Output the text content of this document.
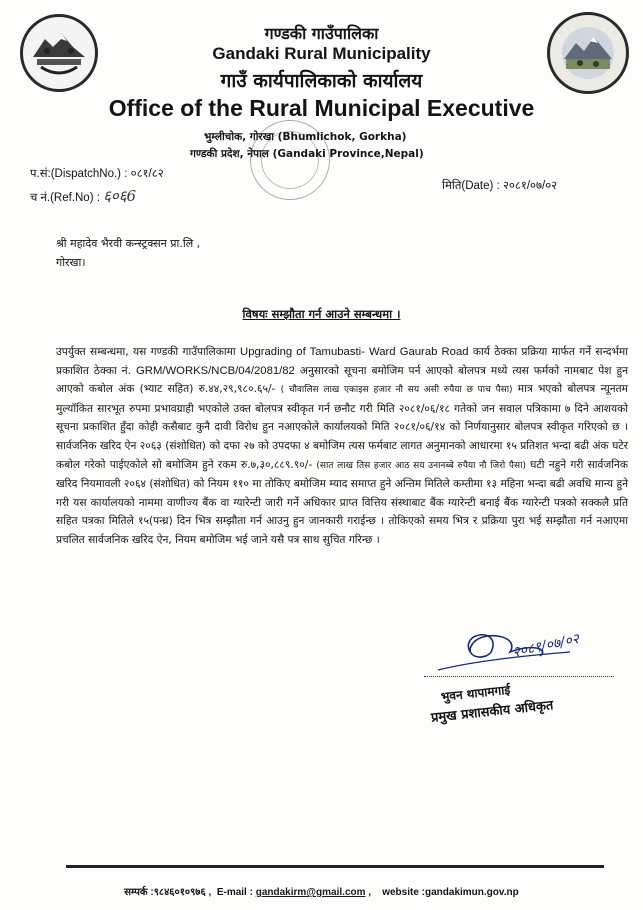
गण्डकी गाउँपालिका
Gandaki Rural Municipality
गाउँ कार्यपालिकाको कार्यालय
Office of the Rural Municipal Executive
भुम्लीचोक, गोरखा (Bhumlichok, Gorkha)
गण्डकी प्रदेश, नेपाल (Gandaki Province,Nepal)
प.सं:(DispatchNo.) : ०८१/८२
च नं.(Ref.No) : ६०६6
मिति(Date) : २०८१/०७/०२
श्री महादेव भैरवी कन्स्ट्रक्सन प्रा.लि ,
गोरखा।
विषयः सम्झौता गर्न आउने सम्बन्धमा ।
उपर्युक्त सम्बन्धमा, यस गण्डकी गाउँपालिकामा Upgrading of Tamubasti- Ward Gaurab Road कार्य ठेक्का प्रक्रिया मार्फत गर्ने सन्दर्भमा प्रकाशित ठेक्का नं. GRM/WORKS/NCB/04/2081/82 अनुसारको सूचना बमोजिम पर्न आएको बोलपत्र मध्ये त्यस फर्मको नामबाट पेश हुन आएको कबोल अंक (भ्याट सहित) रु.४४,२९,९८०.६५/- ( चौवालिस लाख एकाइस हजार नौ सय असी रुपैया छ पाच पैसा) मात्र भएको बोलपत्र न्यूनतम मुल्यॉकित सारभूत रुपमा प्रभावग्राही भएकोले उक्त बोलपत्र स्वीकृत गर्न छनौट गरी मिति २०८१/०६/१८ गतेको जन सवाल पत्रिकामा ७ दिने आशयको सूचना प्रकाशित हुँदा कोही कसैबाट कुनै दावी विरोध हुन नआएकोले कार्यालयको मिति २०८१/०६/१४ को निर्णयानुसार बोलपत्र स्वीकृत गरिएको छ । सार्वजनिक खरिद ऐन २०६३ (संशोधित) को दफा २७ को उपदफा ४ बमोजिम त्यस फर्मबाट लागत अनुमानको आधारमा १५ प्रतिशत भन्दा बढी अंक घटेर कबोल गरेको पाईएकोले सो बमोजिम हुने रकम रु.७,३०,८८९.९०/- (सात लाख तिस हजार आठ सय उनानब्बे रुपैया नौ जिरो पैसा) घटी नहुने गरी सार्वजनिक खरिद नियमावली २०६४ (संशोधित) को नियम ११० मा तोकिए बमोजिम म्याद समाप्त हुने अन्तिम मितिले कम्तीमा १३ महिना भन्दा बढी अवधि मान्य हुने गरी यस कार्यालयको नाममा वाणीज्य बैंक वा ग्यारेन्टी जारी गर्ने अधिकार प्राप्त वित्तिय संस्थाबाट बैंक ग्यारेन्टी बनाई बैंक ग्यारेन्टी पत्रको सक्कलै प्रति सहित पत्रका मितिले १५(पन्ध्र) दिन भित्र सम्झौता गर्न आउनु हुन जानकारी गराईन्छ । तोकिएको समय भित्र र प्रक्रिया पुरा भई सम्झौता गर्न नआएमा प्रचलित सार्वजनिक खरिद ऐन, नियम बमोजिम भई जाने यसै पत्र साथ सुचित गरिन्छ ।
२०८१/०७/०२
भुवन थापामगाई
प्रमुख प्रशासकीय अधिकृत
सम्पर्क :९८४६०१०९७६ , E-mail : gandakirm@gmail.com , website :gandakimun.gov.np
